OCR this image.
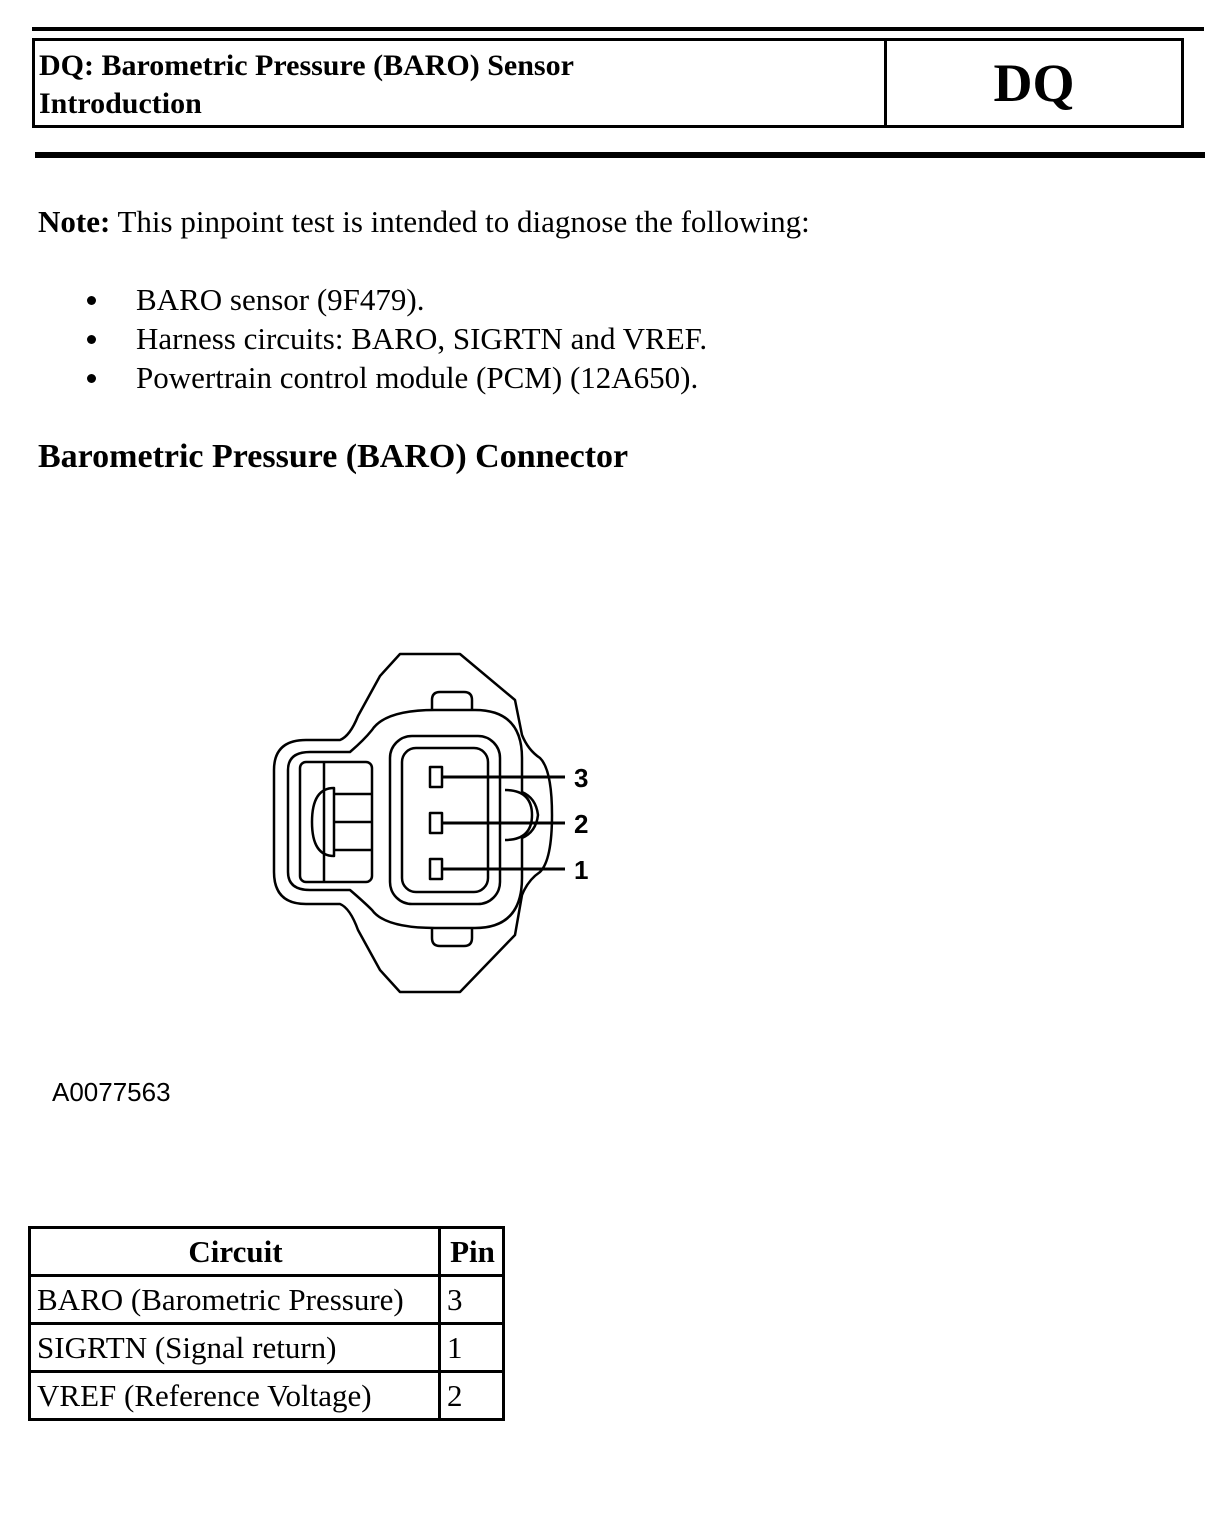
DQ: Barometric Pressure (BARO) Sensor
Introduction	DQ
Note: This pinpoint test is intended to diagnose the following:
BARO sensor (9F479).
Harness circuits: BARO, SIGRTN and VREF.
Powertrain control module (PCM) (12A650).
Barometric Pressure (BARO) Connector
3
2
1
A0077563
Circuit	Pin
BARO (Barometric Pressure)	3
SIGRTN (Signal return)	1
VREF (Reference Voltage)	2
